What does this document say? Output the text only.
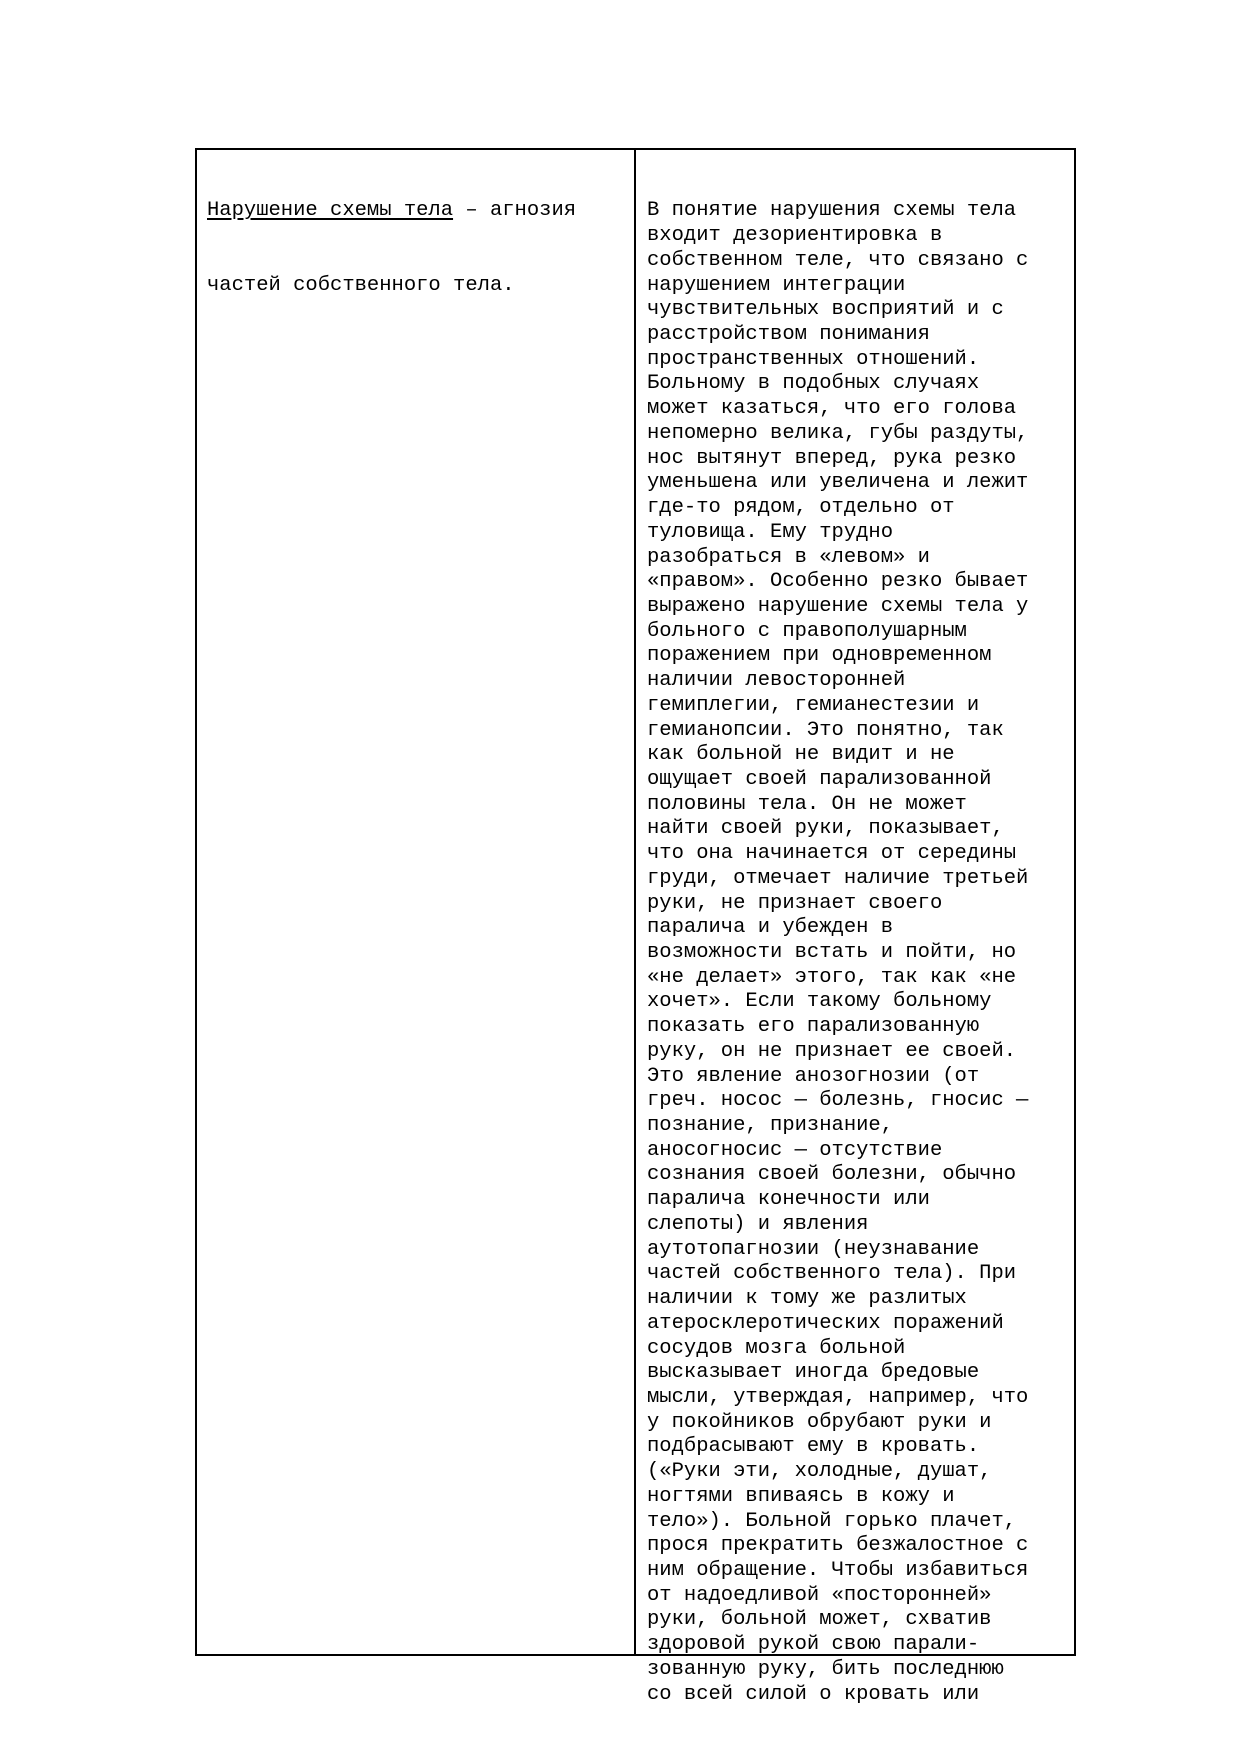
Нарушение схемы тела – агнозия

частей собственного тела.

В понятие нарушения схемы тела
входит дезориентировка в
собственном теле, что связано с
нарушением интеграции
чувствительных восприятий и с
расстройством понимания
пространственных отношений.
Больному в подобных случаях
может казаться, что его голова
непомерно велика, губы раздуты,
нос вытянут вперед, рука резко
уменьшена или увеличена и лежит
где-то рядом, отдельно от
туловища. Ему трудно
разобраться в «левом» и
«правом». Особенно резко бывает
выражено нарушение схемы тела у
больного с правополушарным
поражением при одновременном
наличии левосторонней
гемиплегии, гемианестезии и
гемианопсии. Это понятно, так
как больной не видит и не
ощущает своей парализованной
половины тела. Он не может
найти своей руки, показывает,
что она начинается от середины
груди, отмечает наличие третьей
руки, не признает своего
паралича и убежден в
возможности встать и пойти, но
«не делает» этого, так как «не
хочет». Если такому больному
показать его парализованную
руку, он не признает ее своей.
Это явление анозогнозии (от
греч. носос — болезнь, гносис —
познание, признание,
аносогносис — отсутствие
сознания своей болезни, обычно
паралича конечности или
слепоты) и явления
аутотопагнозии (неузнавание
частей собственного тела). При
наличии к тому же разлитых
атеросклеротических поражений
сосудов мозга больной
высказывает иногда бредовые
мысли, утверждая, например, что
у покойников обрубают руки и
подбрасывают ему в кровать.
(«Руки эти, холодные, душат,
ногтями впиваясь в кожу и
тело»). Больной горько плачет,
прося прекратить безжалостное с
ним обращение. Чтобы избавиться
от надоедливой «посторонней»
руки, больной может, схватив
здоровой рукой свою парали-
зованную руку, бить последнюю
со всей силой о кровать или
